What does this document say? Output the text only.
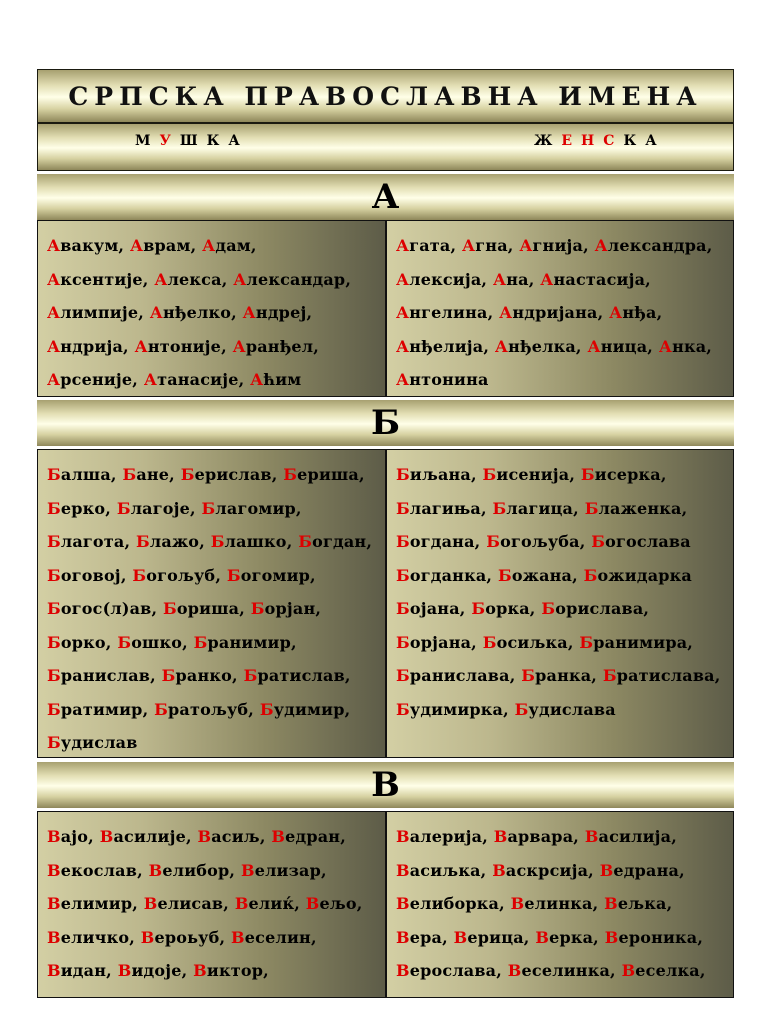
СРПСКА ПРАВОСЛАВНА ИМЕНА
МУШКА	ЖЕНСКА
А
Авакум, Аврам, Адам,
Аксентије, Алекса, Александар,
Алимпије, Анђелко, Андреј,
Андрија, Антоније, Аранђел,
Арсеније, Атанасије, Аћим
Агата, Агна, Агнија, Александра,
Алексија, Ана, Анастасија,
Ангелина, Андријана, Анђа,
Анђелија, Анђелка, Аница, Анка,
Антонина
Б
Балша, Бане, Берислав, Бериша,
Берко, Благоје, Благомир,
Благота, Блажо, Блашко, Богдан,
Боговој, Богољуб, Богомир,
Богос(л)ав, Бориша, Борјан,
Борко, Бошко, Бранимир,
Бранислав, Бранко, Братислав,
Братимир, Братољуб, Будимир,
Будислав
Биљана, Бисенија, Бисерка,
Благиња, Благица, Блаженка,
Богдана, Богољуба, Богослава
Богданка, Божана, Божидарка
Бојана, Борка, Борислава,
Борјана, Босиљка, Бранимира,
Бранислава, Бранка, Братислава,
Будимирка, Будислава
В
Вајо, Василије, Васиљ, Ведран,
Векослав, Велибор, Велизар,
Велимир, Велисав, Велиќ, Вељо,
Величко, Вероьуб, Веселин,
Видан, Видоје, Виктор,
Валерија, Варвара, Василија,
Васиљка, Васкрсија, Ведрана,
Велиборка, Велинка, Вељка,
Вера, Верица, Верка, Вероника,
Верослава, Веселинка, Веселка,
